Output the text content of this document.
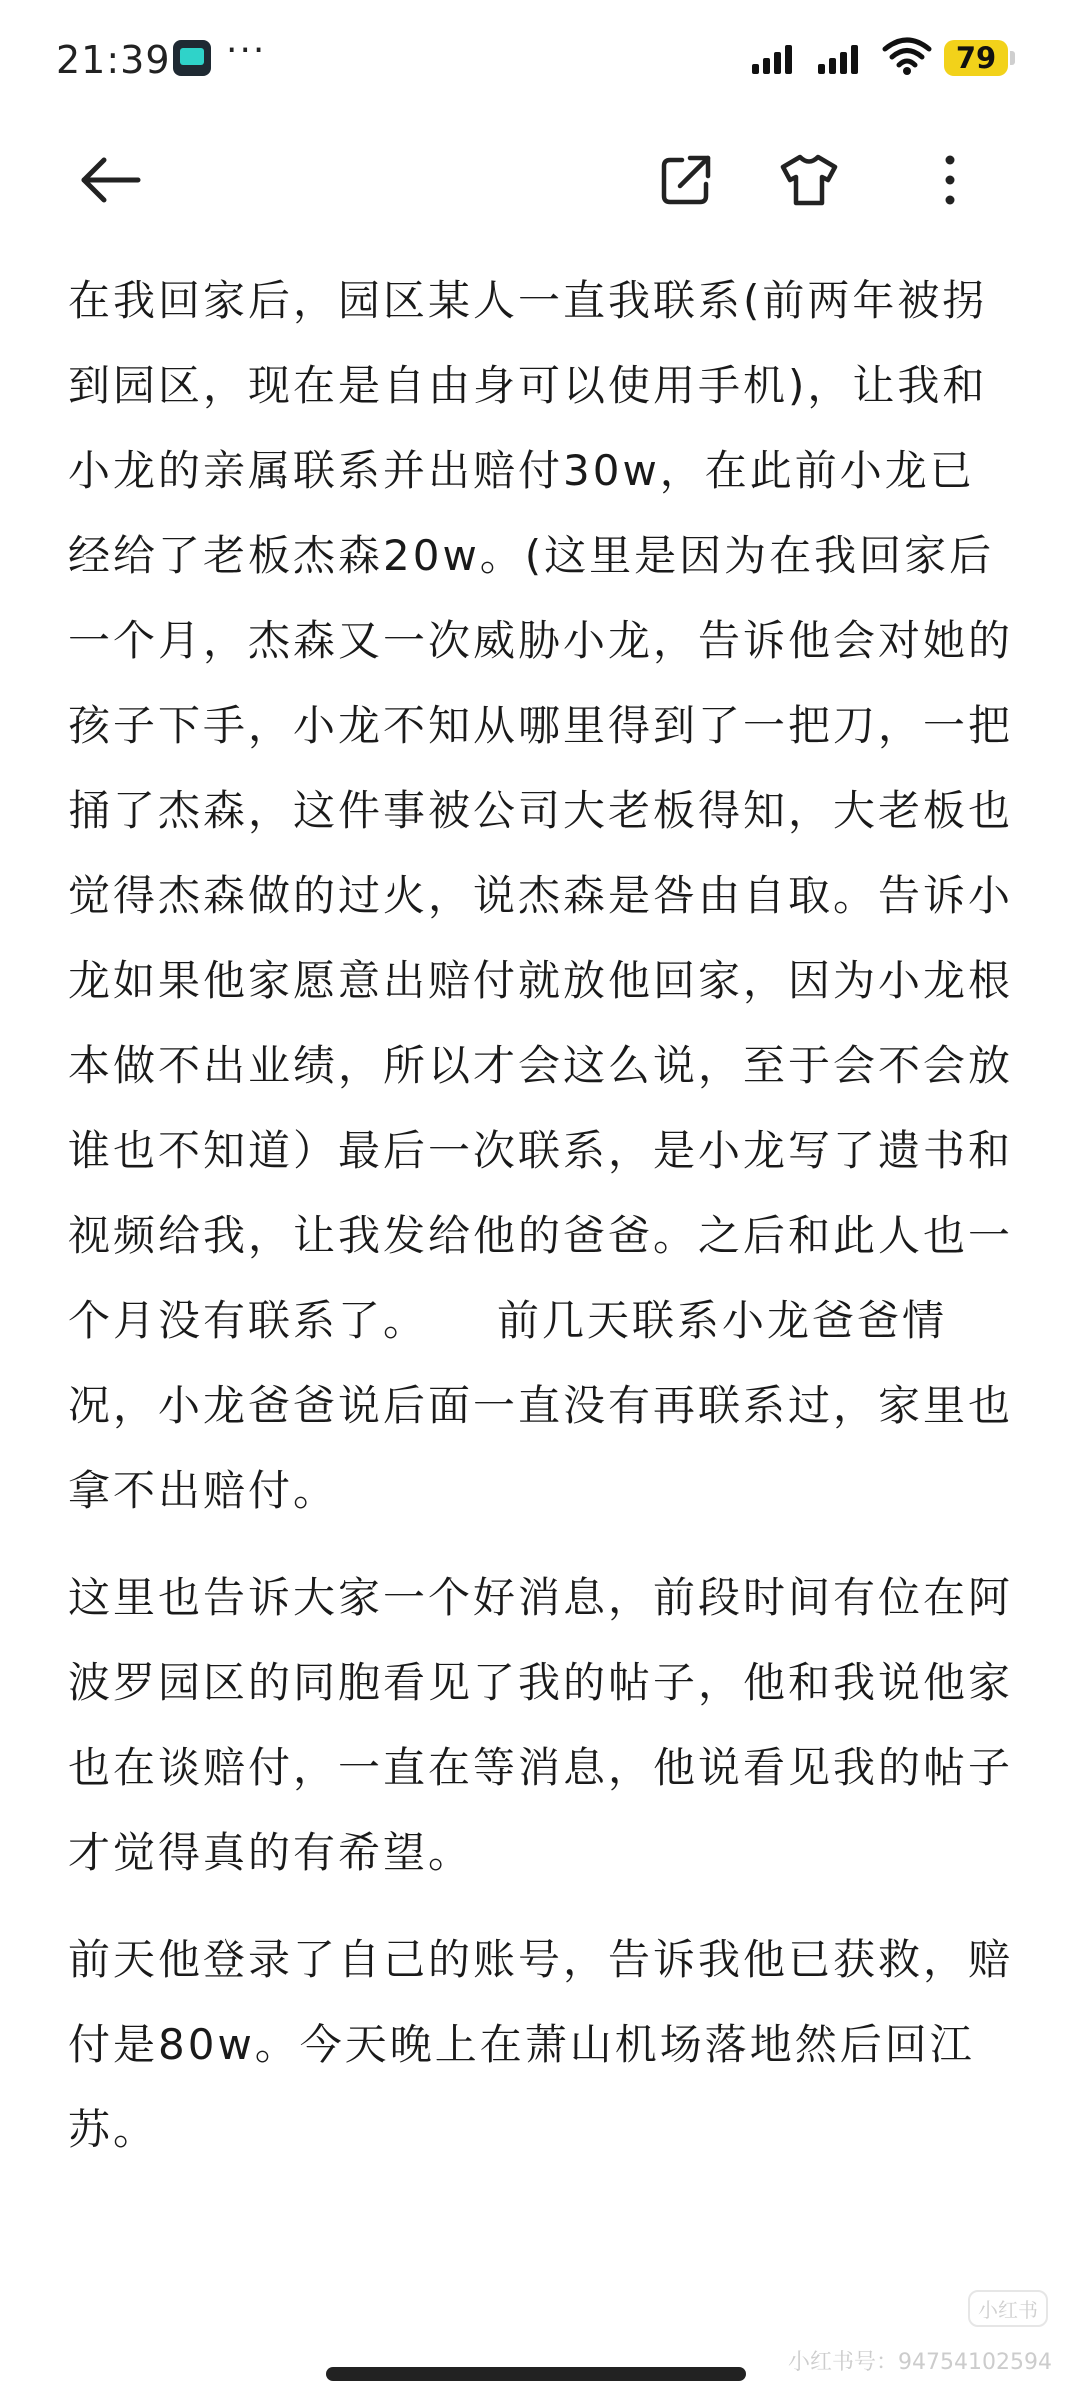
21:39 ···	79

在我回家后，园区某人一直我联系(前两年被拐到园区，现在是自由身可以使用手机)，让我和小龙的亲属联系并出赔付30w，在此前小龙已经给了老板杰森20w。(这里是因为在我回家后一个月，杰森又一次威胁小龙，告诉他会对她的孩子下手，小龙不知从哪里得到了一把刀，一把捅了杰森，这件事被公司大老板得知，大老板也觉得杰森做的过火，说杰森是咎由自取。告诉小龙如果他家愿意出赔付就放他回家，因为小龙根本做不出业绩，所以才会这么说，至于会不会放谁也不知道）最后一次联系，是小龙写了遗书和视频给我，让我发给他的爸爸。之后和此人也一个月没有联系了。　　前几天联系小龙爸爸情况，小龙爸爸说后面一直没有再联系过，家里也拿不出赔付。

这里也告诉大家一个好消息，前段时间有位在阿波罗园区的同胞看见了我的帖子，他和我说他家也在谈赔付，一直在等消息，他说看见我的帖子才觉得真的有希望。

前天他登录了自己的账号，告诉我他已获救，赔付是80w。今天晚上在萧山机场落地然后回江苏。

小红书
小红书号：94754102594
